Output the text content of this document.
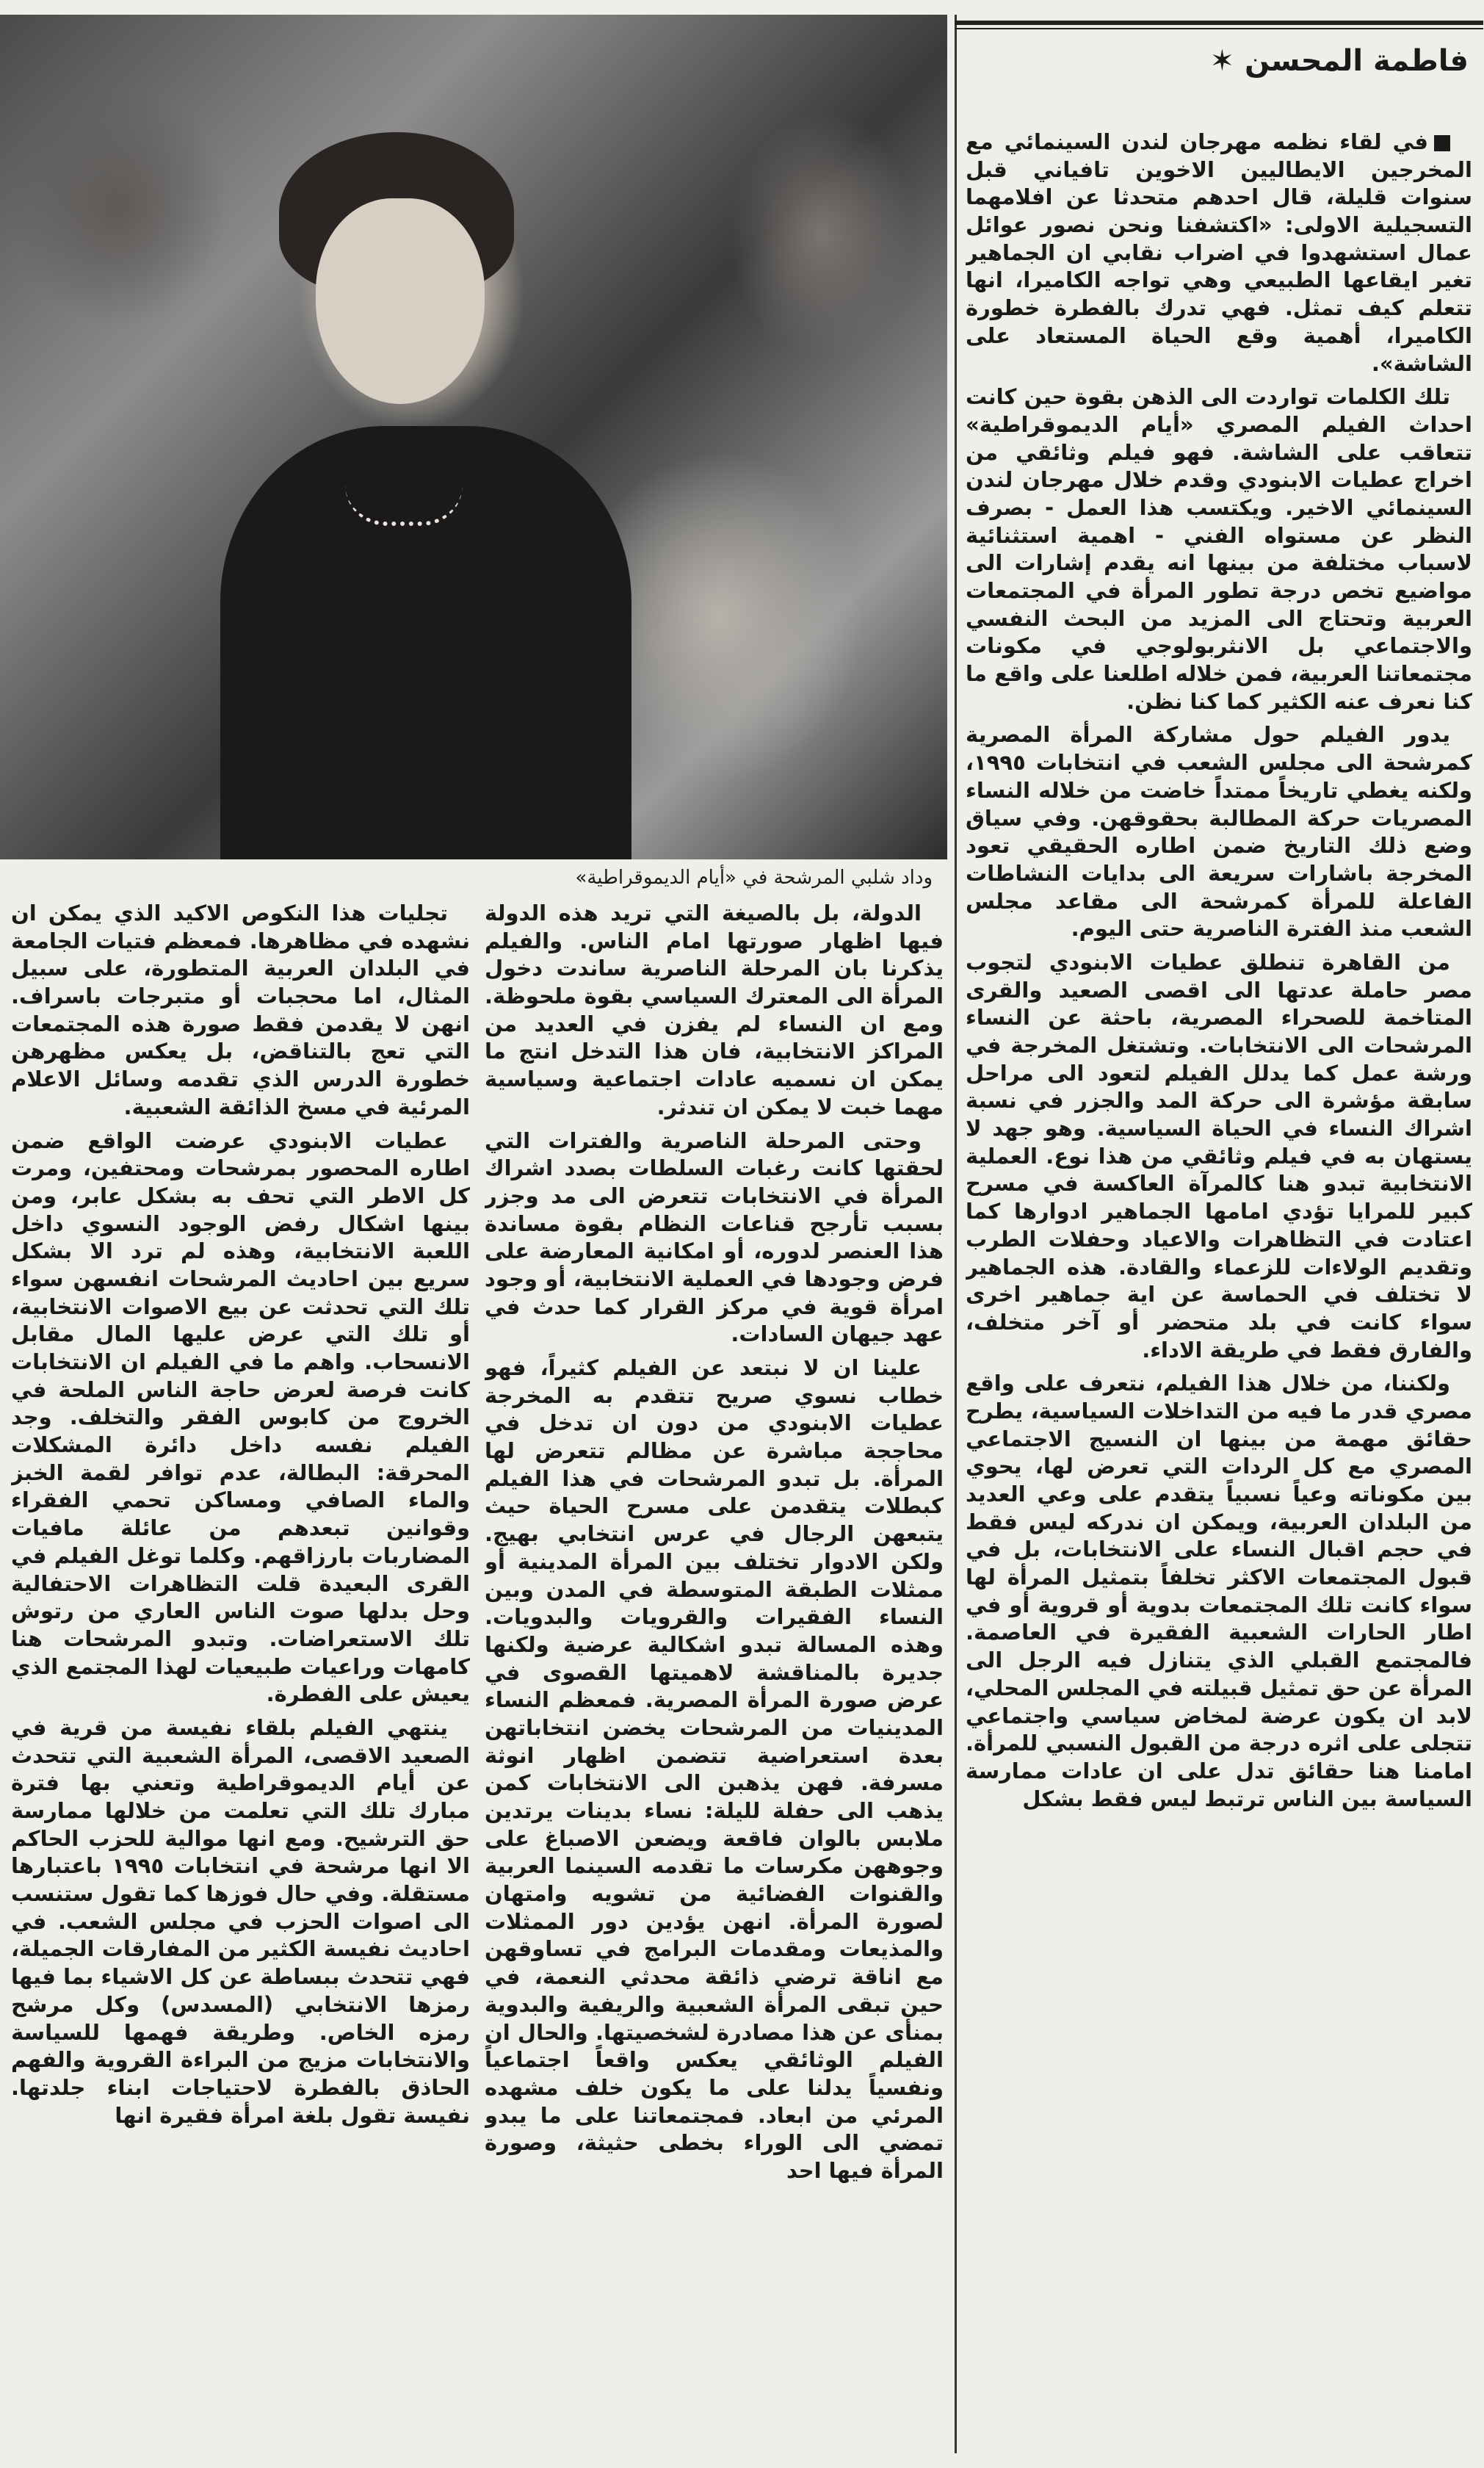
وداد شلبي المرشحة في «أيام الديموقراطية»
فاطمة المحسن ✶

في لقاء نظمه مهرجان لندن السينمائي مع المخرجين الايطاليين الاخوين تافياني قبل سنوات قليلة، قال احدهم متحدثا عن افلامهما التسجيلية الاولى: «اكتشفنا ونحن نصور عوائل عمال استشهدوا في اضراب نقابي ان الجماهير تغير ايقاعها الطبيعي وهي تواجه الكاميرا، انها تتعلم كيف تمثل. فهي تدرك بالفطرة خطورة الكاميرا، أهمية وقع الحياة المستعاد على الشاشة».

تلك الكلمات تواردت الى الذهن بقوة حين كانت احداث الفيلم المصري «أيام الديموقراطية» تتعاقب على الشاشة. فهو فيلم وثائقي من اخراج عطيات الابنودي وقدم خلال مهرجان لندن السينمائي الاخير. ويكتسب هذا العمل - بصرف النظر عن مستواه الفني - اهمية استثنائية لاسباب مختلفة من بينها انه يقدم إشارات الى مواضيع تخص درجة تطور المرأة في المجتمعات العربية وتحتاج الى المزيد من البحث النفسي والاجتماعي بل الانثربولوجي في مكونات مجتمعاتنا العربية، فمن خلاله اطلعنا على واقع ما كنا نعرف عنه الكثير كما كنا نظن.

يدور الفيلم حول مشاركة المرأة المصرية كمرشحة الى مجلس الشعب في انتخابات ١٩٩٥، ولكنه يغطي تاريخاً ممتداً خاضت من خلاله النساء المصريات حركة المطالبة بحقوقهن. وفي سياق وضع ذلك التاريخ ضمن اطاره الحقيقي تعود المخرجة باشارات سريعة الى بدايات النشاطات الفاعلة للمرأة كمرشحة الى مقاعد مجلس الشعب منذ الفترة الناصرية حتى اليوم.

من القاهرة تنطلق عطيات الابنودي لتجوب مصر حاملة عدتها الى اقصى الصعيد والقرى المتاخمة للصحراء المصرية، باحثة عن النساء المرشحات الى الانتخابات. وتشتغل المخرجة في ورشة عمل كما يدلل الفيلم لتعود الى مراحل سابقة مؤشرة الى حركة المد والجزر في نسبة اشراك النساء في الحياة السياسية. وهو جهد لا يستهان به في فيلم وثائقي من هذا نوع. العملية الانتخابية تبدو هنا كالمرآة العاكسة في مسرح كبير للمرايا تؤدي امامها الجماهير ادوارها كما اعتادت في التظاهرات والاعياد وحفلات الطرب وتقديم الولاءات للزعماء والقادة. هذه الجماهير لا تختلف في الحماسة عن اية جماهير اخرى سواء كانت في بلد متحضر أو آخر متخلف، والفارق فقط في طريقة الاداء.

ولكننا، من خلال هذا الفيلم، نتعرف على واقع مصري قدر ما فيه من التداخلات السياسية، يطرح حقائق مهمة من بينها ان النسيج الاجتماعي المصري مع كل الردات التي تعرض لها، يحوي بين مكوناته وعياً نسبياً يتقدم على وعي العديد من البلدان العربية، ويمكن ان ندركه ليس فقط في حجم اقبال النساء على الانتخابات، بل في قبول المجتمعات الاكثر تخلفاً بتمثيل المرأة لها سواء كانت تلك المجتمعات بدوية أو قروية أو في اطار الحارات الشعبية الفقيرة في العاصمة. فالمجتمع القبلي الذي يتنازل فيه الرجل الى المرأة عن حق تمثيل قبيلته في المجلس المحلي، لابد ان يكون عرضة لمخاض سياسي واجتماعي تتجلى على اثره درجة من القبول النسبي للمرأة. امامنا هنا حقائق تدل على ان عادات ممارسة السياسة بين الناس ترتبط ليس فقط بشكل

الدولة، بل بالصيغة التي تريد هذه الدولة فيها اظهار صورتها امام الناس. والفيلم يذكرنا بان المرحلة الناصرية ساندت دخول المرأة الى المعترك السياسي بقوة ملحوظة. ومع ان النساء لم يفزن في العديد من المراكز الانتخابية، فان هذا التدخل انتج ما يمكن ان نسميه عادات اجتماعية وسياسية مهما خبت لا يمكن ان تندثر.

وحتى المرحلة الناصرية والفترات التي لحقتها كانت رغبات السلطات بصدد اشراك المرأة في الانتخابات تتعرض الى مد وجزر بسبب تأرجح قناعات النظام بقوة مساندة هذا العنصر لدوره، أو امكانية المعارضة على فرض وجودها في العملية الانتخابية، أو وجود امرأة قوية في مركز القرار كما حدث في عهد جيهان السادات.

علينا ان لا نبتعد عن الفيلم كثيراً، فهو خطاب نسوي صريح تتقدم به المخرجة عطيات الابنودي من دون ان تدخل في محاججة مباشرة عن مظالم تتعرض لها المرأة. بل تبدو المرشحات في هذا الفيلم كبطلات يتقدمن على مسرح الحياة حيث يتبعهن الرجال في عرس انتخابي بهيج. ولكن الادوار تختلف بين المرأة المدينية أو ممثلات الطبقة المتوسطة في المدن وبين النساء الفقيرات والقرويات والبدويات. وهذه المسالة تبدو اشكالية عرضية ولكنها جديرة بالمناقشة لاهميتها القصوى في عرض صورة المرأة المصرية. فمعظم النساء المدينيات من المرشحات يخضن انتخاباتهن بعدة استعراضية تتضمن اظهار انوثة مسرفة. فهن يذهبن الى الانتخابات كمن يذهب الى حفلة لليلة: نساء بدينات يرتدين ملابس بالوان فاقعة ويضعن الاصباغ على وجوههن مكرسات ما تقدمه السينما العربية والقنوات الفضائية من تشويه وامتهان لصورة المرأة. انهن يؤدين دور الممثلات والمذيعات ومقدمات البرامج في تساوقهن مع اناقة ترضي ذائقة محدثي النعمة، في حين تبقى المرأة الشعبية والريفية والبدوية بمنأى عن هذا مصادرة لشخصيتها. والحال ان الفيلم الوثائقي يعكس واقعاً اجتماعياً ونفسياً يدلنا على ما يكون خلف مشهده المرئي من ابعاد. فمجتمعاتنا على ما يبدو تمضي الى الوراء بخطى حثيثة، وصورة المرأة فيها احد

تجليات هذا النكوص الاكيد الذي يمكن ان نشهده في مظاهرها. فمعظم فتيات الجامعة في البلدان العربية المتطورة، على سبيل المثال، اما محجبات أو متبرجات باسراف. انهن لا يقدمن فقط صورة هذه المجتمعات التي تعج بالتناقض، بل يعكس مظهرهن خطورة الدرس الذي تقدمه وسائل الاعلام المرئية في مسخ الذائقة الشعبية.

عطيات الابنودي عرضت الواقع ضمن اطاره المحصور بمرشحات ومحتفين، ومرت كل الاطر التي تحف به بشكل عابر، ومن بينها اشكال رفض الوجود النسوي داخل اللعبة الانتخابية، وهذه لم ترد الا بشكل سريع بين احاديث المرشحات انفسهن سواء تلك التي تحدثت عن بيع الاصوات الانتخابية، أو تلك التي عرض عليها المال مقابل الانسحاب. واهم ما في الفيلم ان الانتخابات كانت فرصة لعرض حاجة الناس الملحة في الخروج من كابوس الفقر والتخلف. وجد الفيلم نفسه داخل دائرة المشكلات المحرقة: البطالة، عدم توافر لقمة الخبز والماء الصافي ومساكن تحمي الفقراء وقوانين تبعدهم من عائلة مافيات المضاربات بارزاقهم. وكلما توغل الفيلم في القرى البعيدة قلت التظاهرات الاحتفالية وحل بدلها صوت الناس العاري من رتوش تلك الاستعراضات. وتبدو المرشحات هنا كامهات وراعيات طبيعيات لهذا المجتمع الذي يعيش على الفطرة.

ينتهي الفيلم بلقاء نفيسة من قرية في الصعيد الاقصى، المرأة الشعبية التي تتحدث عن أيام الديموقراطية وتعني بها فترة مبارك تلك التي تعلمت من خلالها ممارسة حق الترشيح. ومع انها موالية للحزب الحاكم الا انها مرشحة في انتخابات ١٩٩٥ باعتبارها مستقلة. وفي حال فوزها كما تقول ستنسب الى اصوات الحزب في مجلس الشعب. في احاديث نفيسة الكثير من المفارقات الجميلة، فهي تتحدث ببساطة عن كل الاشياء بما فيها رمزها الانتخابي (المسدس) وكل مرشح رمزه الخاص. وطريقة فهمها للسياسة والانتخابات مزيج من البراءة القروية والفهم الحاذق بالفطرة لاحتياجات ابناء جلدتها. نفيسة تقول بلغة امرأة فقيرة انها
